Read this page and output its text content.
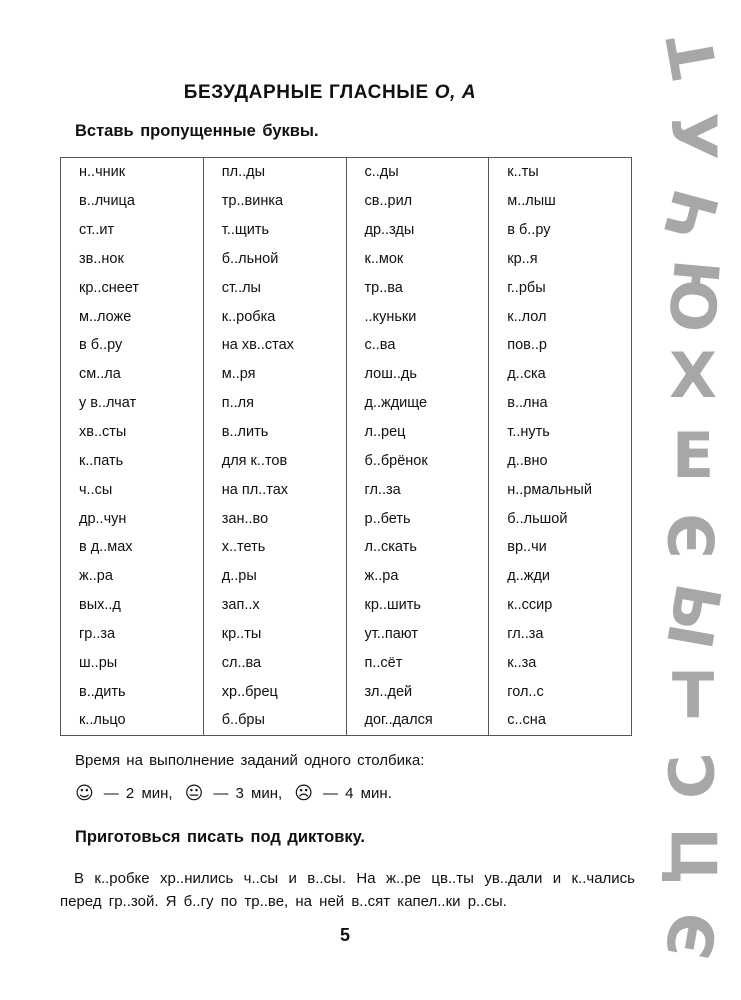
БЕЗУДАРНЫЕ ГЛАСНЫЕ О, А
Вставь пропущенные буквы.
н..чник	пл..ды	с..ды	к..ты
в..лчица	тр..винка	св..рил	м..лыш
ст..ит	т..щить	др..зды	в б..ру
зв..нок	б..льной	к..мок	кр..я
кр..снеет	ст..лы	тр..ва	г..рбы
м..ложе	к..робка	..куньки	к..лол
в б..ру	на хв..стах	с..ва	пов..р
см..ла	м..ря	лош..дь	д..ска
у в..лчат	п..ля	д..ждище	в..лна
хв..сты	в..лить	л..рец	т..нуть
к..пать	для к..тов	б..брёнок	д..вно
ч..сы	на пл..тах	гл..за	н..рмальный
др..чун	зан..во	р..беть	б..льшой
в д..мах	х..теть	л..скать	вр..чи
ж..ра	д..ры	ж..ра	д..жди
вых..д	зап..х	кр..шить	к..ссир
гр..за	кр..ты	ут..пают	гл..за
ш..ры	сл..ва	п..сёт	к..за
в..дить	хр..брец	зл..дей	гол..с
к..льцо	б..бры	дог..дался	с..сна
Время на выполнение заданий одного столбика:
☺ — 2 мин, 😐 — 3 мин, ☹ — 4 мин.
Приготовься писать под диктовку.
В к..робке хр..нились ч..сы и в..сы. На ж..ре цв..ты ув..дали и к..чались перед гр..зой. Я б..гу по тр..ве, на ней в..сят капел..ки р..сы.
5
Т
У
Ч
Ю
Х
Е
Э
Ы
Т
С
Ц
Э
